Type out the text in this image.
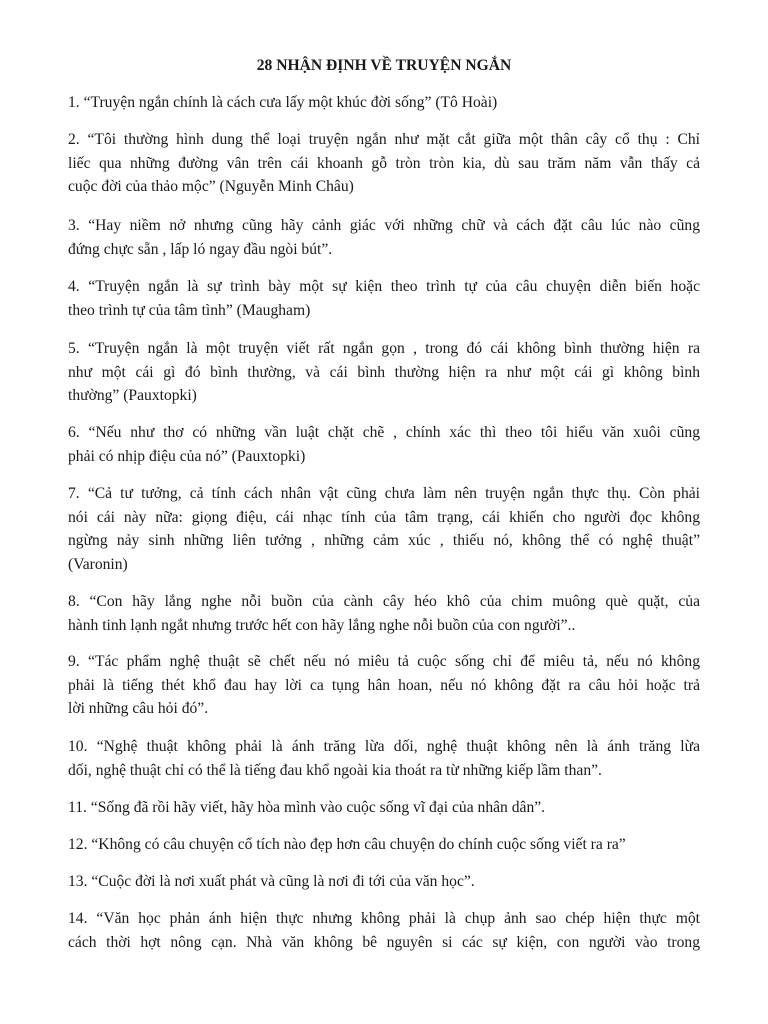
28 NHẬN ĐỊNH VỀ TRUYỆN NGẮN
1. “Truyện ngắn chính là cách cưa lấy một khúc đời sống” (Tô Hoài)
2. “Tôi thường hình dung thể loại truyện ngắn như mặt cắt giữa một thân cây cổ thụ : Chỉ
liếc qua những đường vân trên cái khoanh gỗ tròn tròn kia, dù sau trăm năm vẫn thấy cả
cuộc đời của thảo mộc” (Nguyễn Minh Châu)
3. “Hay niềm nở nhưng cũng hãy cảnh giác với những chữ và cách đặt câu lúc nào cũng
đứng chực sẵn , lấp ló ngay đầu ngòi bút”.
4. “Truyện ngắn là sự trình bày một sự kiện theo trình tự của câu chuyện diễn biến hoặc
theo trình tự của tâm tình” (Maugham)
5. “Truyện ngắn là một truyện viết rất ngắn gọn , trong đó cái không bình thường hiện ra
như một cái gì đó bình thường, và cái bình thường hiện ra như một cái gì không bình
thường” (Pauxtopki)
6. “Nếu như thơ có những vần luật chặt chẽ , chính xác thì theo tôi hiểu văn xuôi cũng
phải có nhịp điệu của nó” (Pauxtopki)
7. “Cả tư tưởng, cả tính cách nhân vật cũng chưa làm nên truyện ngắn thực thụ. Còn phải
nói cái này nữa: giọng điệu, cái nhạc tính của tâm trạng, cái khiến cho người đọc không
ngừng nảy sinh những liên tưởng , những cảm xúc , thiếu nó, không thể có nghệ thuật”
(Varonin)
8. “Con hãy lắng nghe nỗi buồn của cành cây héo khô của chim muông què quặt, của
hành tinh lạnh ngắt nhưng trước hết con hãy lắng nghe nỗi buồn của con người”..
9. “Tác phẩm nghệ thuật sẽ chết nếu nó miêu tả cuộc sống chỉ để miêu tả, nếu nó không
phải là tiếng thét khổ đau hay lời ca tụng hân hoan, nếu nó không đặt ra câu hỏi hoặc trả
lời những câu hỏi đó”.
10. “Nghệ thuật không phải là ánh trăng lừa dối, nghệ thuật không nên là ánh trăng lừa
dối, nghệ thuật chỉ có thể là tiếng đau khổ ngoài kia thoát ra từ những kiếp lầm than”.
11. “Sống đã rồi hãy viết, hãy hòa mình vào cuộc sống vĩ đại của nhân dân”.
12. “Không có câu chuyện cổ tích nào đẹp hơn câu chuyện do chính cuộc sống viết ra ra”
13. “Cuộc đời là nơi xuất phát và cũng là nơi đi tới của văn học”.
14. “Văn học phản ánh hiện thực nhưng không phải là chụp ảnh sao chép hiện thực một
cách thời hợt nông cạn. Nhà văn không bê nguyên si các sự kiện, con người vào trong
